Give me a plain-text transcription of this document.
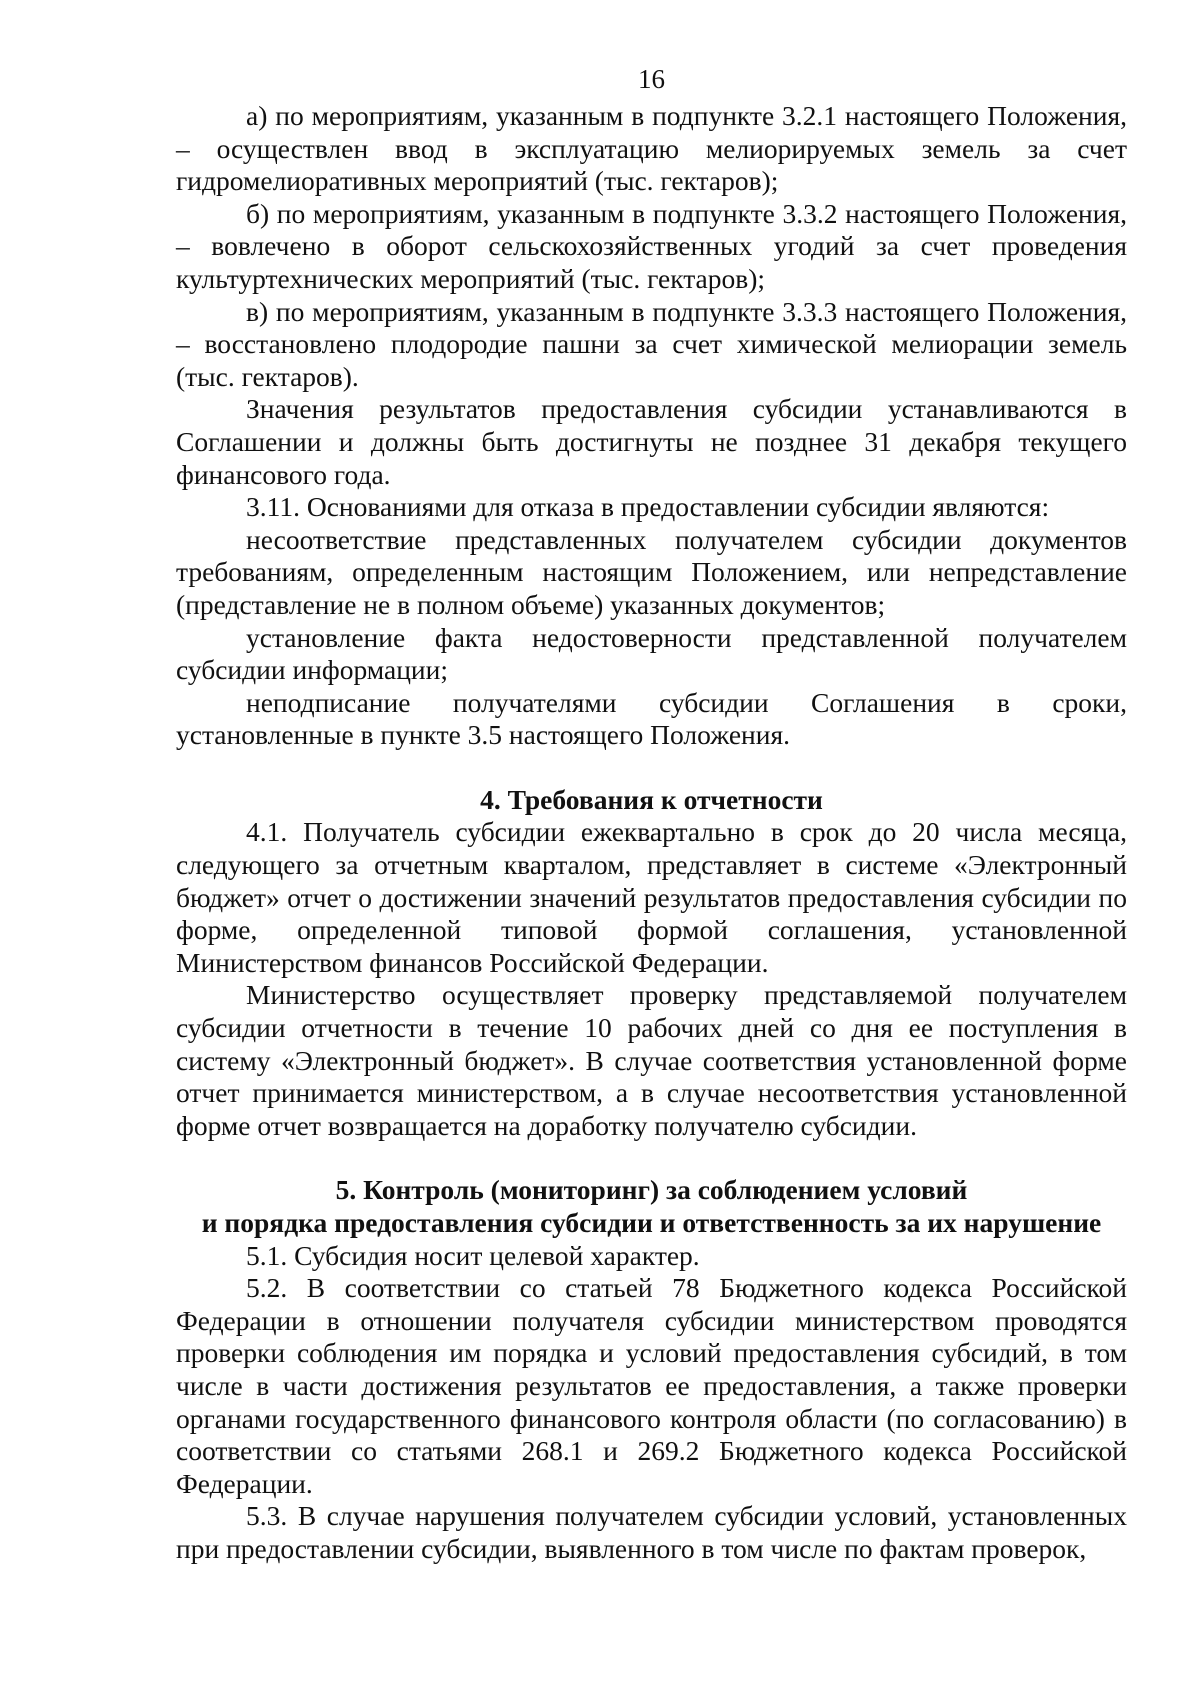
16

а) по мероприятиям, указанным в подпункте 3.2.1 настоящего Положения, – осуществлен ввод в эксплуатацию мелиорируемых земель за счет гидромелиоративных мероприятий (тыс. гектаров);

б) по мероприятиям, указанным в подпункте 3.3.2 настоящего Положения, – вовлечено в оборот сельскохозяйственных угодий за счет проведения культуртехнических мероприятий (тыс. гектаров);

в) по мероприятиям, указанным в подпункте 3.3.3 настоящего Положения, – восстановлено плодородие пашни за счет химической мелиорации земель (тыс. гектаров).

Значения результатов предоставления субсидии устанавливаются в Соглашении и должны быть достигнуты не позднее 31 декабря текущего финансового года.

3.11. Основаниями для отказа в предоставлении субсидии являются:

несоответствие представленных получателем субсидии документов требованиям, определенным настоящим Положением, или непредставление (представление не в полном объеме) указанных документов;

установление факта недостоверности представленной получателем субсидии информации;

неподписание получателями субсидии Соглашения в сроки, установленные в пункте 3.5 настоящего Положения.

4. Требования к отчетности

4.1. Получатель субсидии ежеквартально в срок до 20 числа месяца, следующего за отчетным кварталом, представляет в системе «Электронный бюджет» отчет о достижении значений результатов предоставления субсидии по форме, определенной типовой формой соглашения, установленной Министерством финансов Российской Федерации.

Министерство осуществляет проверку представляемой получателем субсидии отчетности в течение 10 рабочих дней со дня ее поступления в систему «Электронный бюджет». В случае соответствия установленной форме отчет принимается министерством, а в случае несоответствия установленной форме отчет возвращается на доработку получателю субсидии.

5. Контроль (мониторинг) за соблюдением условий
и порядка предоставления субсидии и ответственность за их нарушение

5.1. Субсидия носит целевой характер.

5.2. В соответствии со статьей 78 Бюджетного кодекса Российской Федерации в отношении получателя субсидии министерством проводятся проверки соблюдения им порядка и условий предоставления субсидий, в том числе в части достижения результатов ее предоставления, а также проверки органами государственного финансового контроля области (по согласованию) в соответствии со статьями 268.1 и 269.2 Бюджетного кодекса Российской Федерации.

5.3. В случае нарушения получателем субсидии условий, установленных при предоставлении субсидии, выявленного в том числе по фактам проверок,
